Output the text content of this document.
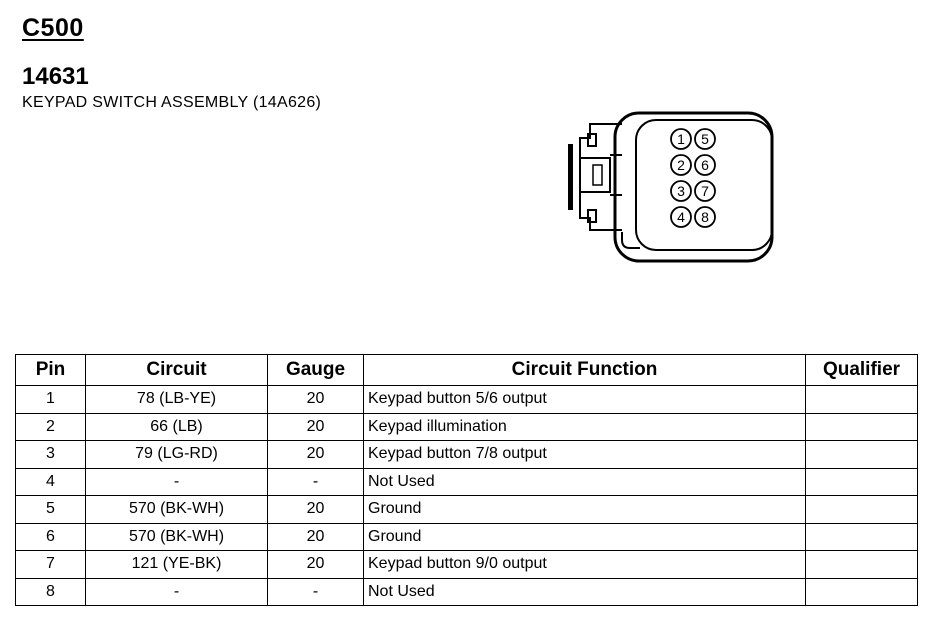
C500
14631
KEYPAD SWITCH ASSEMBLY (14A626)
1
2
3
4
5
6
7
8
Pin	Circuit	Gauge	Circuit Function	Qualifier
1	78 (LB-YE)	20	Keypad button 5/6 output	
2	66 (LB)	20	Keypad illumination	
3	79 (LG-RD)	20	Keypad button 7/8 output	
4	-	-	Not Used	
5	570 (BK-WH)	20	Ground	
6	570 (BK-WH)	20	Ground	
7	121 (YE-BK)	20	Keypad button 9/0 output	
8	-	-	Not Used	
